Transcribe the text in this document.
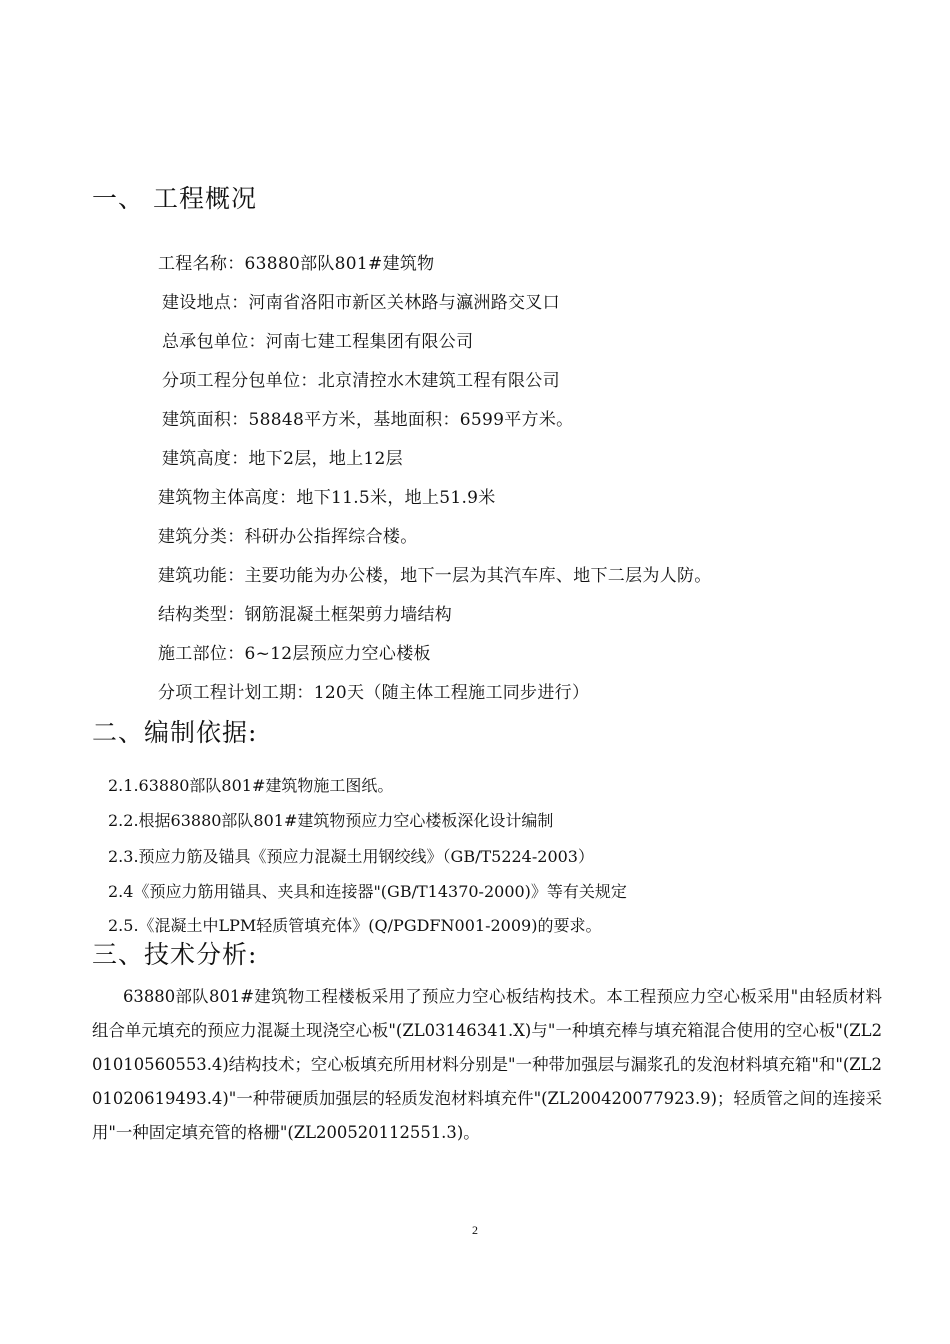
一、 工程概况
工程名称：63880部队801#建筑物
建设地点：河南省洛阳市新区关林路与瀛洲路交叉口
总承包单位：河南七建工程集团有限公司
分项工程分包单位：北京清控水木建筑工程有限公司
建筑面积：58848平方米，基地面积：6599平方米。
建筑高度：地下2层，地上12层
建筑物主体高度：地下11.5米，地上51.9米
建筑分类：科研办公指挥综合楼。
建筑功能：主要功能为办公楼，地下一层为其汽车库、地下二层为人防。
结构类型：钢筋混凝土框架剪力墙结构
施工部位：6~12层预应力空心楼板
分项工程计划工期：120天（随主体工程施工同步进行）
二、编制依据:
2.1.63880部队801#建筑物施工图纸。
2.2.根据63880部队801#建筑物预应力空心楼板深化设计编制
2.3.预应力筋及锚具《预应力混凝土用钢绞线》（GB/T5224-2003）
2.4《预应力筋用锚具、夹具和连接器"(GB/T14370-2000)》等有关规定
2.5.《混凝土中LPM轻质管填充体》(Q/PGDFN001-2009)的要求。
三、技术分析:

63880部队801#建筑物工程楼板采用了预应力空心板结构技术。本工程预应力空心板采用"由轻质材料组合单元填充的预应力混凝土现浇空心板"(ZL03146341.X)与"一种填充棒与填充箱混合使用的空心板"(ZL201010560553.4)结构技术；空心板填充所用材料分别是"一种带加强层与漏浆孔的发泡材料填充箱"和"(ZL201020619493.4)"一种带硬质加强层的轻质发泡材料填充件"(ZL200420077923.9)；轻质管之间的连接采用"一种固定填充管的格栅"(ZL200520112551.3)。

2
